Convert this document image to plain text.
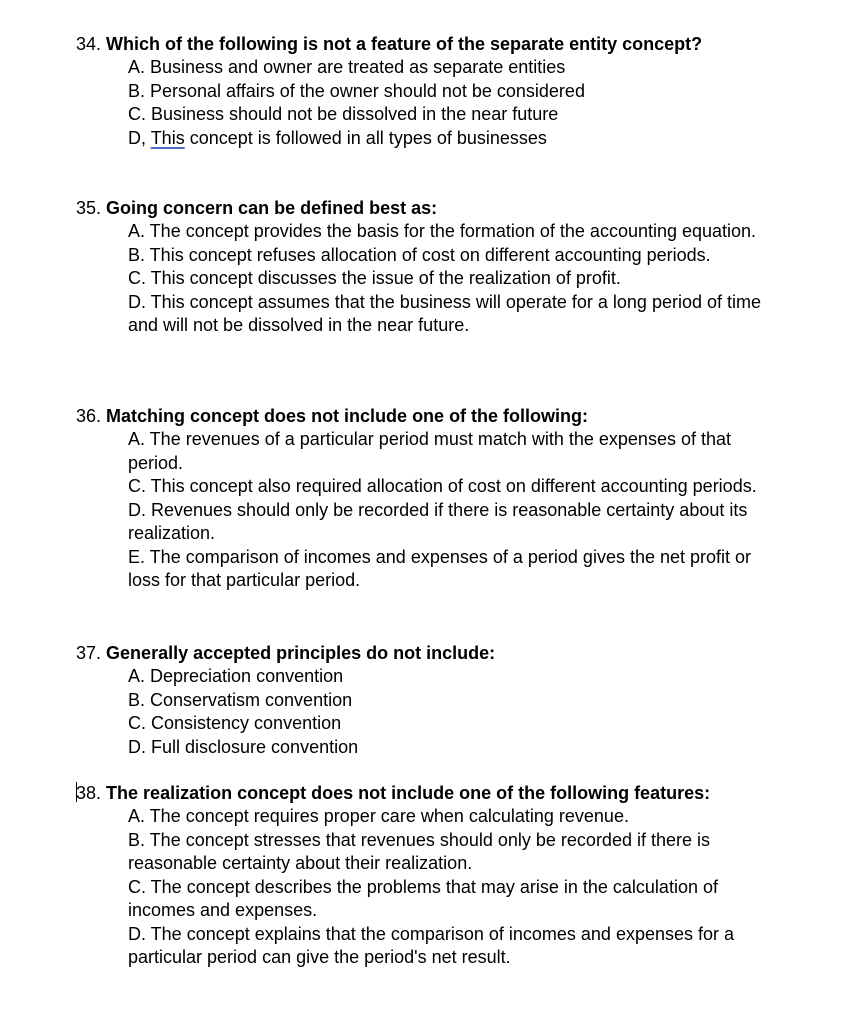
34. Which of the following is not a feature of the separate entity concept?

A. Business and owner are treated as separate entities
B. Personal affairs of the owner should not be considered
C. Business should not be dissolved in the near future
D, This concept is followed in all types of businesses

35. Going concern can be defined best as:

A. The concept provides the basis for the formation of the accounting equation.
B. This concept refuses allocation of cost on different accounting periods.
C. This concept discusses the issue of the realization of profit.
D. This concept assumes that the business will operate for a long period of time and will not be dissolved in the near future.

36. Matching concept does not include one of the following:

A. The revenues of a particular period must match with the expenses of that period.
C. This concept also required allocation of cost on different accounting periods.
D. Revenues should only be recorded if there is reasonable certainty about its realization.
E. The comparison of incomes and expenses of a period gives the net profit or loss for that particular period.

37. Generally accepted principles do not include:

A. Depreciation convention
B. Conservatism convention
C. Consistency convention
D. Full disclosure convention

38. The realization concept does not include one of the following features:

A. The concept requires proper care when calculating revenue.
B. The concept stresses that revenues should only be recorded if there is reasonable certainty about their realization.
C. The concept describes the problems that may arise in the calculation of incomes and expenses.
D. The concept explains that the comparison of incomes and expenses for a particular period can give the period's net result.
